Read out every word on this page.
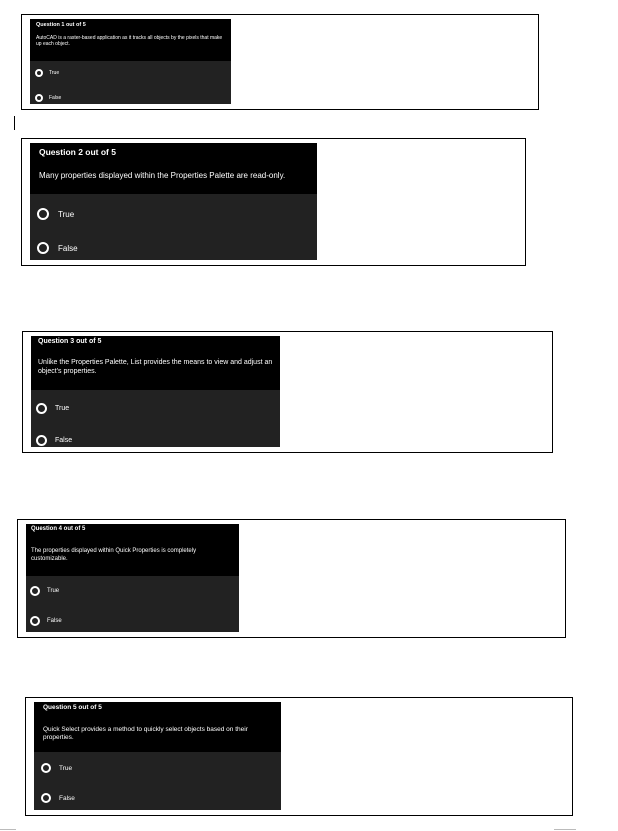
Question 1 out of 5
AutoCAD is a raster-based application as it tracks all objects by the pixels that make up each object.
True
False
Question 2 out of 5
Many properties displayed within the Properties Palette are read-only.
True
False
Question 3 out of 5
Unlike the Properties Palette, List provides the means to view and adjust an object's properties.
True
False
Question 4 out of 5
The properties displayed within Quick Properties is completely customizable.
True
False
Question 5 out of 5
Quick Select provides a method to quickly select objects based on their properties.
True
False
